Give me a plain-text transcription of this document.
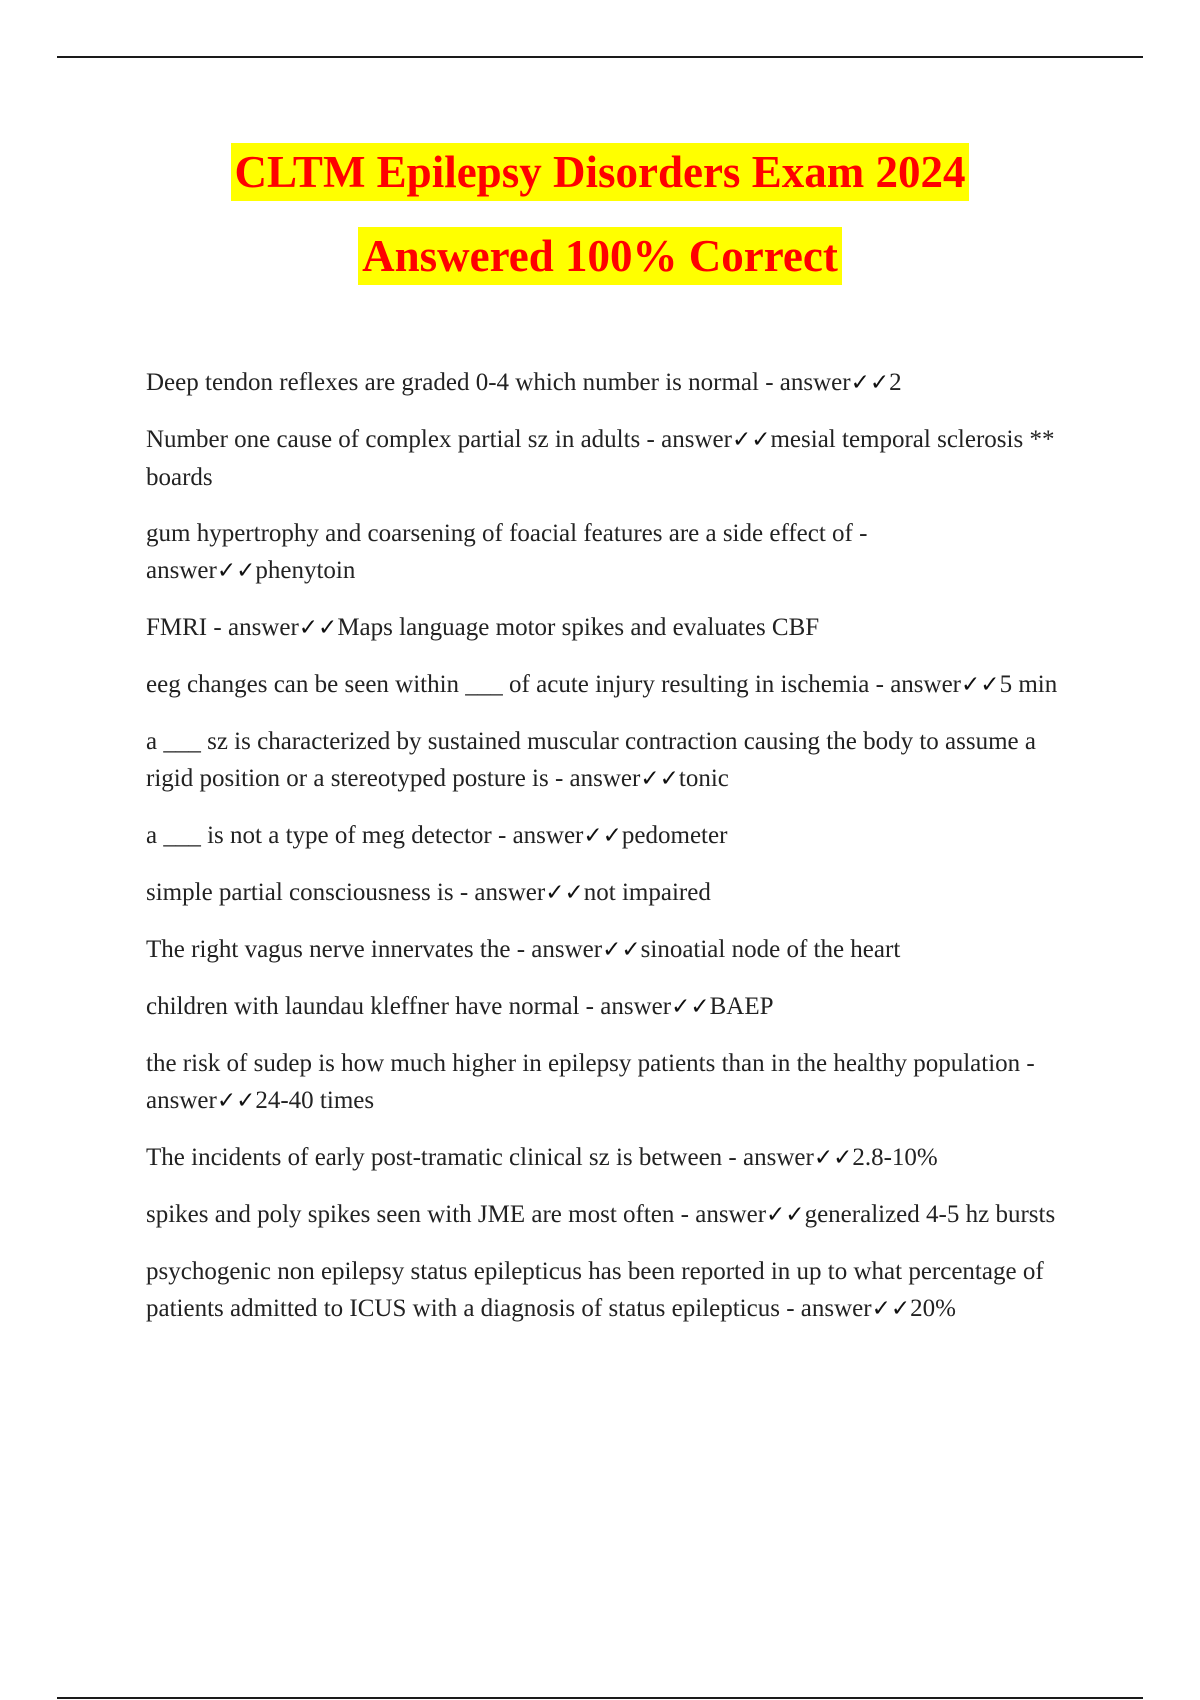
CLTM Epilepsy Disorders Exam 2024
Answered 100% Correct
Deep tendon reflexes are graded 0-4 which number is normal - answer✓✓2
Number one cause of complex partial sz in adults - answer✓✓mesial temporal sclerosis ** boards
gum hypertrophy and coarsening of foacial features are a side effect of - answer✓✓phenytoin
FMRI - answer✓✓Maps language motor spikes and evaluates CBF
eeg changes can be seen within ___ of acute injury resulting in ischemia - answer✓✓5 min
a ___ sz is characterized by sustained muscular contraction causing the body to assume a rigid position or a stereotyped posture is - answer✓✓tonic
a ___ is not a type of meg detector - answer✓✓pedometer
simple partial consciousness is - answer✓✓not impaired
The right vagus nerve innervates the - answer✓✓sinoatial node of the heart
children with laundau kleffner have normal - answer✓✓BAEP
the risk of sudep is how much higher in epilepsy patients than in the healthy population - answer✓✓24-40 times
The incidents of early post-tramatic clinical sz is between - answer✓✓2.8-10%
spikes and poly spikes seen with JME are most often - answer✓✓generalized 4-5 hz bursts
psychogenic non epilepsy status epilepticus has been reported in up to what percentage of patients admitted to ICUS with a diagnosis of status epilepticus - answer✓✓20%
